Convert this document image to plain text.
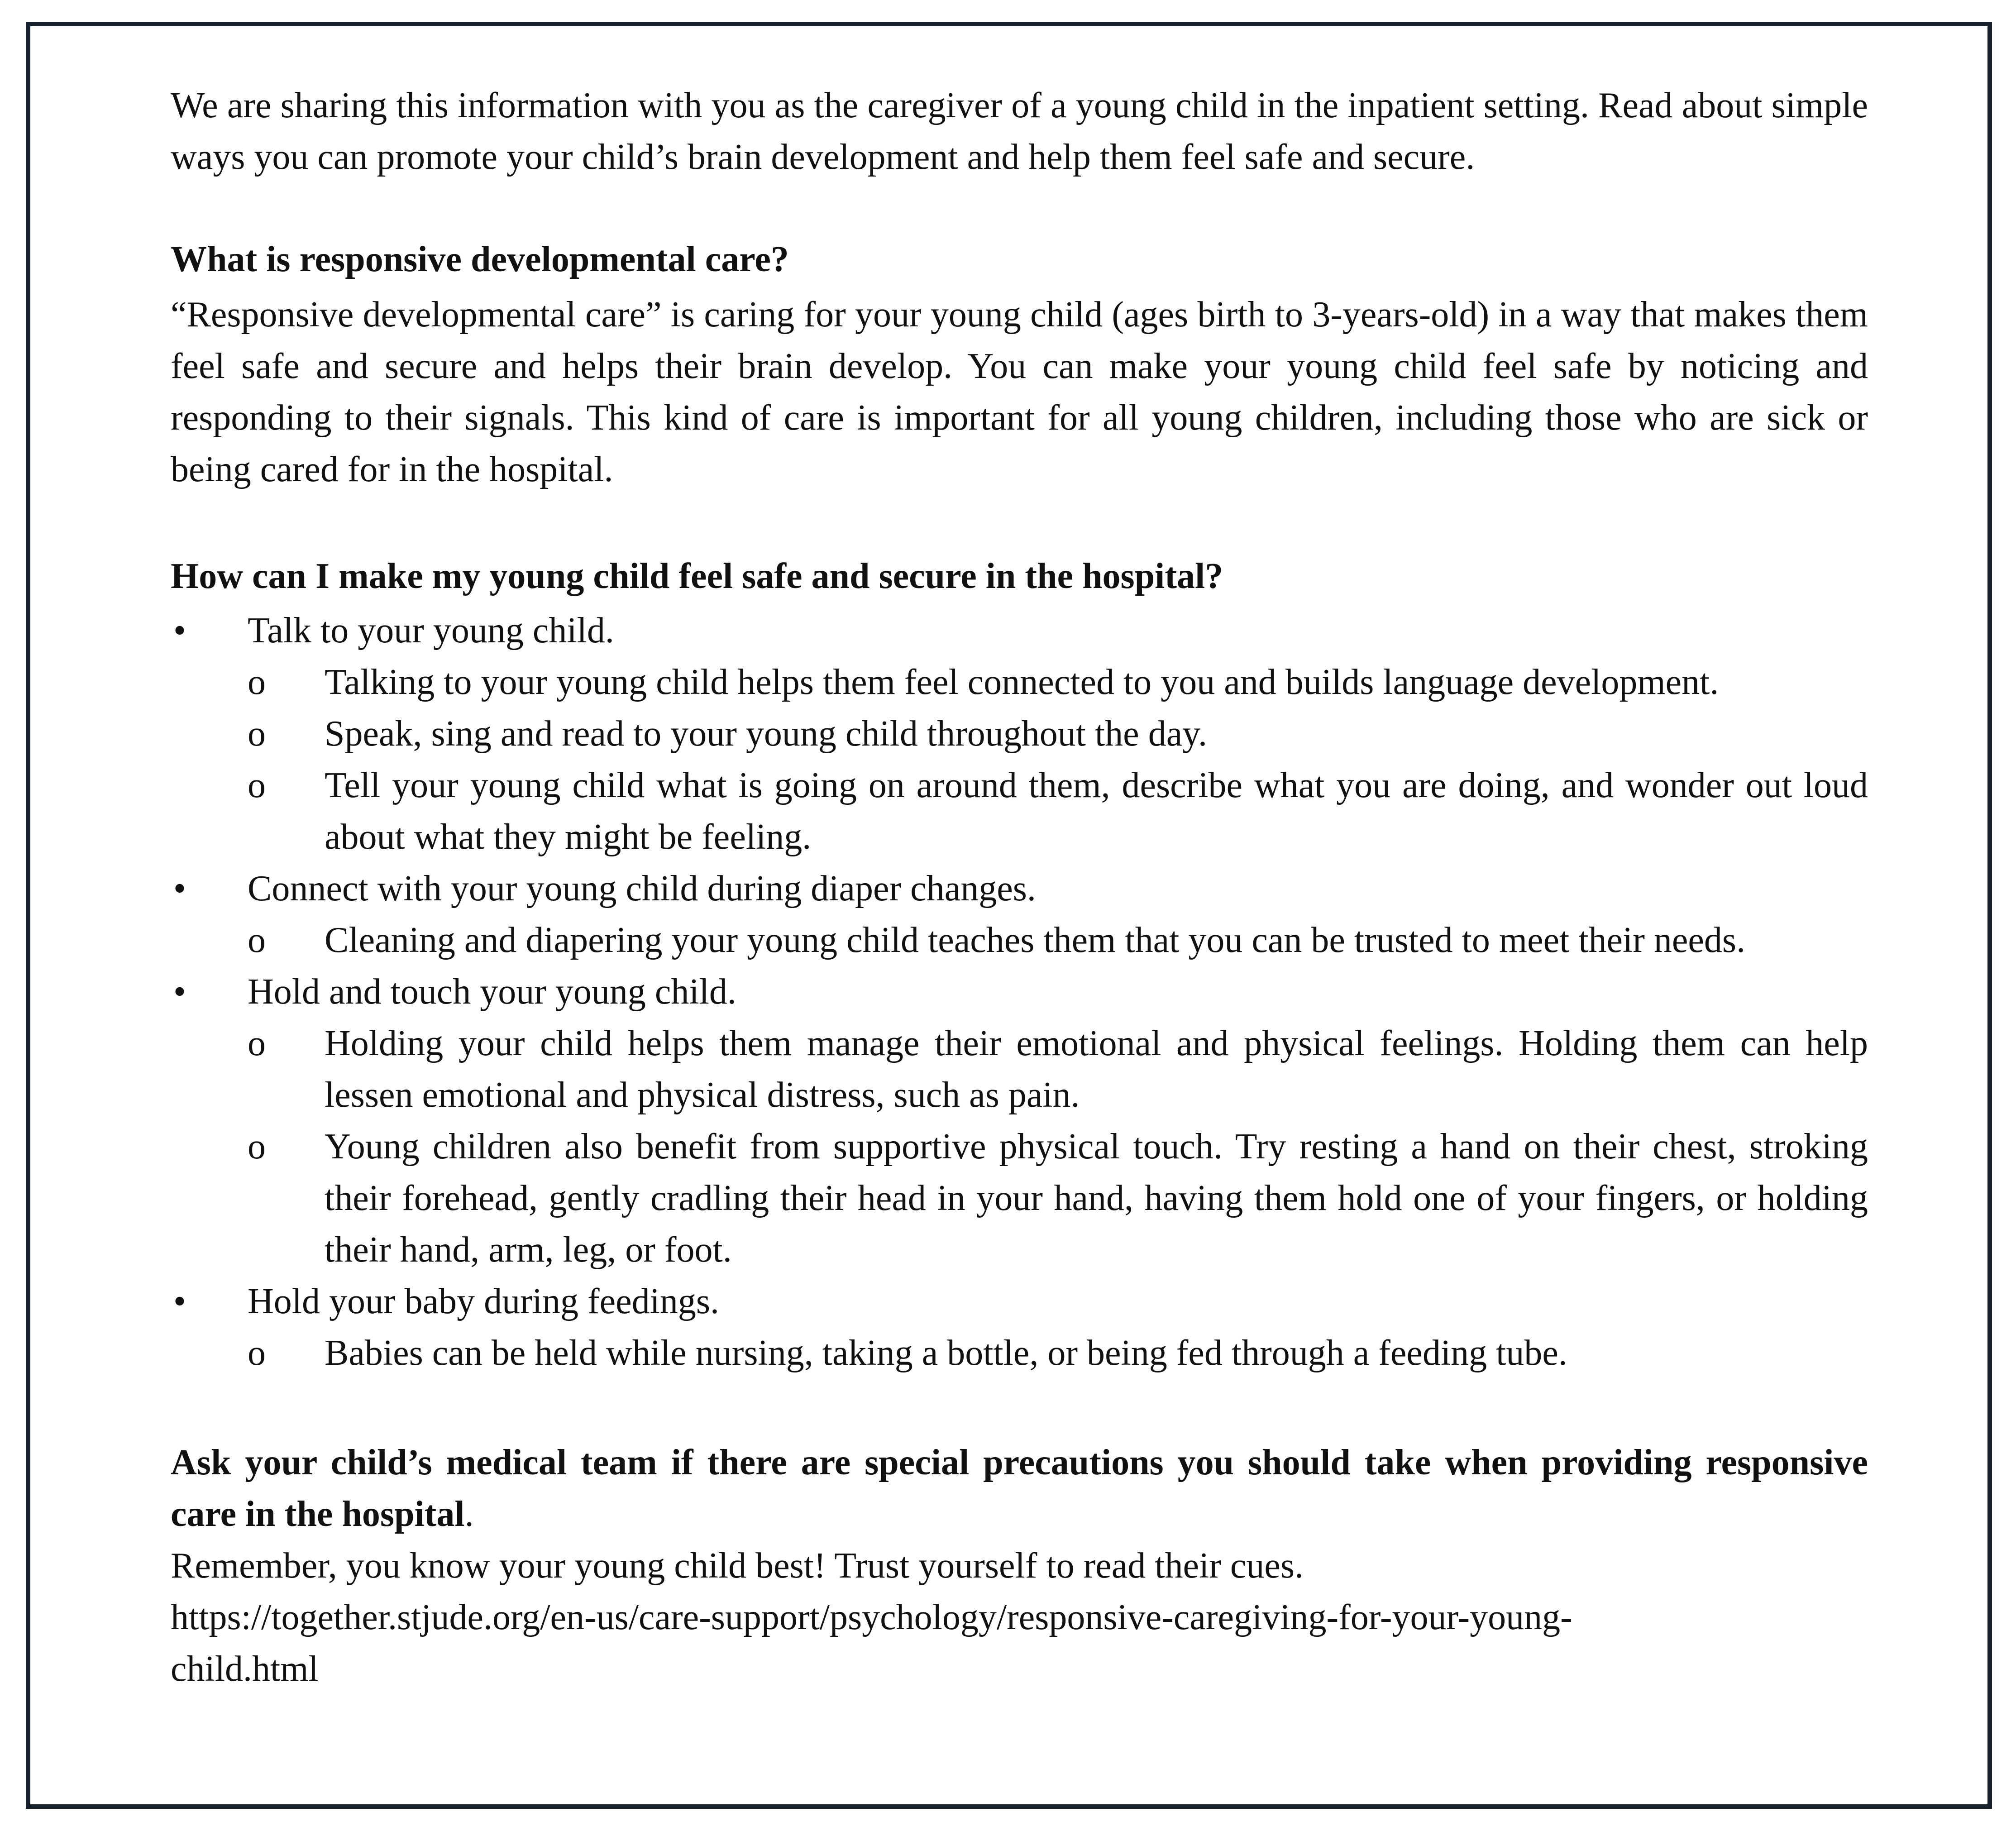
We are sharing this information with you as the caregiver of a young child in the inpatient setting. Read about simple ways you can promote your child’s brain development and help them feel safe and secure.

What is responsive developmental care?

“Responsive developmental care” is caring for your young child (ages birth to 3-years-old) in a way that makes them feel safe and secure and helps their brain develop. You can make your young child feel safe by noticing and responding to their signals. This kind of care is important for all young children, including those who are sick or being cared for in the hospital.

How can I make my young child feel safe and secure in the hospital?

• Talk to your young child.
o Talking to your young child helps them feel connected to you and builds language development.
o Speak, sing and read to your young child throughout the day.
o Tell your young child what is going on around them, describe what you are doing, and wonder out loud about what they might be feeling.
• Connect with your young child during diaper changes.
o Cleaning and diapering your young child teaches them that you can be trusted to meet their needs.
• Hold and touch your young child.
o Holding your child helps them manage their emotional and physical feelings. Holding them can help lessen emotional and physical distress, such as pain.
o Young children also benefit from supportive physical touch. Try resting a hand on their chest, stroking their forehead, gently cradling their head in your hand, having them hold one of your fingers, or holding their hand, arm, leg, or foot.
• Hold your baby during feedings.
o Babies can be held while nursing, taking a bottle, or being fed through a feeding tube.

Ask your child’s medical team if there are special precautions you should take when providing responsive care in the hospital.

Remember, you know your young child best! Trust yourself to read their cues.

https://together.stjude.org/en-us/care-support/psychology/responsive-caregiving-for-your-young-
child.html
